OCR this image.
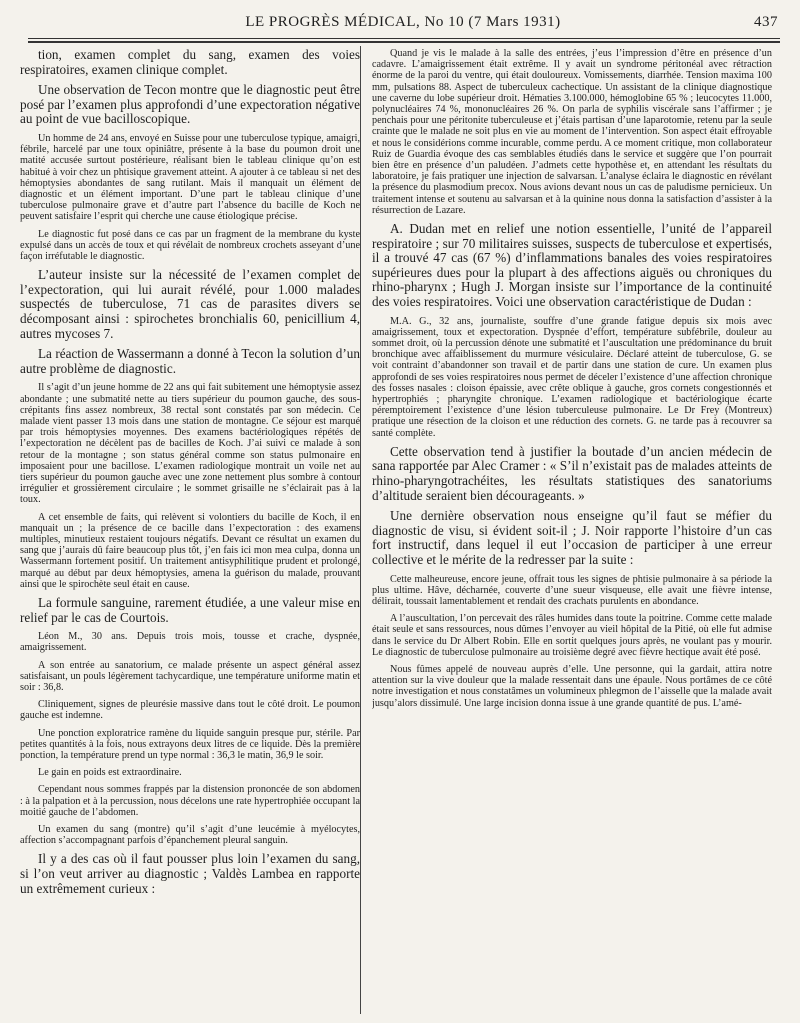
LE PROGRÈS MÉDICAL, No 10 (7 Mars 1931)	437

tion, examen complet du sang, examen des voies respiratoires, examen clinique complet.

Une observation de Tecon montre que le diagnostic peut être posé par l’examen plus approfondi d’une expectoration négative au point de vue bacilloscopique.

Un homme de 24 ans, envoyé en Suisse pour une tuberculose typique, amaigri, fébrile, harcelé par une toux opiniâtre, présente à la base du poumon droit une matité accusée surtout postérieure, réalisant bien le tableau clinique qu’on est habitué à voir chez un phtisique gravement atteint. A ajouter à ce tableau si net des hémoptysies abondantes de sang rutilant. Mais il manquait un élément de diagnostic et un élément important. D’une part le tableau clinique d’une tuberculose pulmonaire grave et d’autre part l’absence du bacille de Koch ne peuvent satisfaire l’esprit qui cherche une cause étiologique précise.

Le diagnostic fut posé dans ce cas par un fragment de la membrane du kyste expulsé dans un accès de toux et qui révélait de nombreux crochets asseyant d’une façon irréfutable le diagnostic.

L’auteur insiste sur la nécessité de l’examen complet de l’expectoration, qui lui aurait révélé, pour 1.000 malades suspectés de tuberculose, 71 cas de parasites divers se décomposant ainsi : spirochetes bronchialis 60, penicillium 4, autres mycoses 7.

La réaction de Wassermann a donné à Tecon la solution d’un autre problème de diagnostic.

Il s’agit d’un jeune homme de 22 ans qui fait subitement une hémoptysie assez abondante ; une submatité nette au tiers supérieur du poumon gauche, des sous-crépitants fins assez nombreux, 38 rectal sont constatés par son médecin. Ce malade vient passer 13 mois dans une station de montagne. Ce séjour est marqué par trois hémoptysies moyennes. Des examens bactériologiques répétés de l’expectoration ne décèlent pas de bacilles de Koch. J’ai suivi ce malade à son retour de la montagne ; son status général comme son status pulmonaire en imposaient pour une bacillose. L’examen radiologique montrait un voile net au tiers supérieur du poumon gauche avec une zone nettement plus sombre à contour irrégulier et grossièrement circulaire ; le sommet grisaille ne s’éclairait pas à la toux.

A cet ensemble de faits, qui relèvent si volontiers du bacille de Koch, il en manquait un ; la présence de ce bacille dans l’expectoration : des examens multiples, minutieux restaient toujours négatifs. Devant ce résultat un examen du sang que j’aurais dû faire beaucoup plus tôt, j’en fais ici mon mea culpa, donna un Wassermann fortement positif. Un traitement antisyphilitique prudent et prolongé, marqué au début par deux hémoptysies, amena la guérison du malade, prouvant ainsi que le spirochète seul était en cause.

La formule sanguine, rarement étudiée, a une valeur mise en relief par le cas de Courtois.

Léon M., 30 ans. Depuis trois mois, tousse et crache, dyspnée, amaigrissement.

A son entrée au sanatorium, ce malade présente un aspect général assez satisfaisant, un pouls légèrement tachycardique, une température uniforme matin et soir : 36,8.

Cliniquement, signes de pleurésie massive dans tout le côté droit. Le poumon gauche est indemne.

Une ponction exploratrice ramène du liquide sanguin presque pur, stérile. Par petites quantités à la fois, nous extrayons deux litres de ce liquide. Dès la première ponction, la température prend un type normal : 36,3 le matin, 36,9 le soir.

Le gain en poids est extraordinaire.

Cependant nous sommes frappés par la distension prononcée de son abdomen : à la palpation et à la percussion, nous décelons une rate hypertrophiée occupant la moitié gauche de l’abdomen.

Un examen du sang (montre) qu’il s’agit d’une leucémie à myélocytes, affection s’accompagnant parfois d’épanchement pleural sanguin.

Il y a des cas où il faut pousser plus loin l’examen du sang, si l’on veut arriver au diagnostic ; Valdès Lambea en rapporte un extrêmement curieux :

Quand je vis le malade à la salle des entrées, j’eus l’impression d’être en présence d’un cadavre. L’amaigrissement était extrême. Il y avait un syndrome péritonéal avec rétraction énorme de la paroi du ventre, qui était douloureux. Vomissements, diarrhée. Tension maxima 100 mm, pulsations 88. Aspect de tuberculeux cachectique. Un assistant de la clinique diagnostique une caverne du lobe supérieur droit. Hématies 3.100.000, hémoglobine 65 % ; leucocytes 11.000, polynucléaires 74 %, mononucléaires 26 %. On parla de syphilis viscérale sans l’affirmer ; je penchais pour une péritonite tuberculeuse et j’étais partisan d’une laparotomie, retenu par la seule crainte que le malade ne soit plus en vie au moment de l’intervention. Son aspect était effroyable et nous le considérions comme incurable, comme perdu. A ce moment critique, mon collaborateur Ruiz de Guardia évoque des cas semblables étudiés dans le service et suggère que l’on pourrait bien être en présence d’un paludéen. J’admets cette hypothèse et, en attendant les résultats du laboratoire, je fais pratiquer une injection de salvarsan. L’analyse éclaira le diagnostic en révélant la présence du plasmodium precox. Nous avions devant nous un cas de paludisme pernicieux. Un traitement intense et soutenu au salvarsan et à la quinine nous donna la satisfaction d’assister à la résurrection de Lazare.

A. Dudan met en relief une notion essentielle, l’unité de l’appareil respiratoire ; sur 70 militaires suisses, suspects de tuberculose et expertisés, il a trouvé 47 cas (67 %) d’inflammations banales des voies respiratoires supérieures dues pour la plupart à des affections aiguës ou chroniques du rhino-pharynx ; Hugh J. Morgan insiste sur l’importance de la continuité des voies respiratoires. Voici une observation caractéristique de Dudan :

M.A. G., 32 ans, journaliste, souffre d’une grande fatigue depuis six mois avec amaigrissement, toux et expectoration. Dyspnée d’effort, température subfébrile, douleur au sommet droit, où la percussion dénote une submatité et l’auscultation une prédominance du bruit bronchique avec affaiblissement du murmure vésiculaire. Déclaré atteint de tuberculose, G. se voit contraint d’abandonner son travail et de partir dans une station de cure. Un examen plus approfondi de ses voies respiratoires nous permet de déceler l’existence d’une affection chronique des fosses nasales : cloison épaissie, avec crête oblique à gauche, gros cornets congestionnés et hypertrophiés ; pharyngite chronique. L’examen radiologique et bactériologique écarte péremptoirement l’existence d’une lésion tuberculeuse pulmonaire. Le Dr Frey (Montreux) pratique une résection de la cloison et une réduction des cornets. G. ne tarde pas à recouvrer sa santé complète.

Cette observation tend à justifier la boutade d’un ancien médecin de sana rapportée par Alec Cramer : « S’il n’existait pas de malades atteints de rhino-pharyngotrachéites, les résultats statistiques des sanatoriums d’altitude seraient bien décourageants. »

Une dernière observation nous enseigne qu’il faut se méfier du diagnostic de visu, si évident soit-il ; J. Noir rapporte l’histoire d’un cas fort instructif, dans lequel il eut l’occasion de participer à une erreur collective et le mérite de la redresser par la suite :

Cette malheureuse, encore jeune, offrait tous les signes de phtisie pulmonaire à sa période la plus ultime. Hâve, décharnée, couverte d’une sueur visqueuse, elle avait une fièvre intense, délirait, toussait lamentablement et rendait des crachats purulents en abondance.

A l’auscultation, l’on percevait des râles humides dans toute la poitrine. Comme cette malade était seule et sans ressources, nous dûmes l’envoyer au vieil hôpital de la Pitié, où elle fut admise dans le service du Dr Albert Robin. Elle en sortit quelques jours après, ne voulant pas y mourir. Le diagnostic de tuberculose pulmonaire au troisième degré avec fièvre hectique avait été posé.

Nous fûmes appelé de nouveau auprès d’elle. Une personne, qui la gardait, attira notre attention sur la vive douleur que la malade ressentait dans une épaule. Nous portâmes de ce côté notre investigation et nous constatâmes un volumineux phlegmon de l’aisselle que la malade avait jusqu’alors dissimulé. Une large incision donna issue à une grande quantité de pus. L’amé-
